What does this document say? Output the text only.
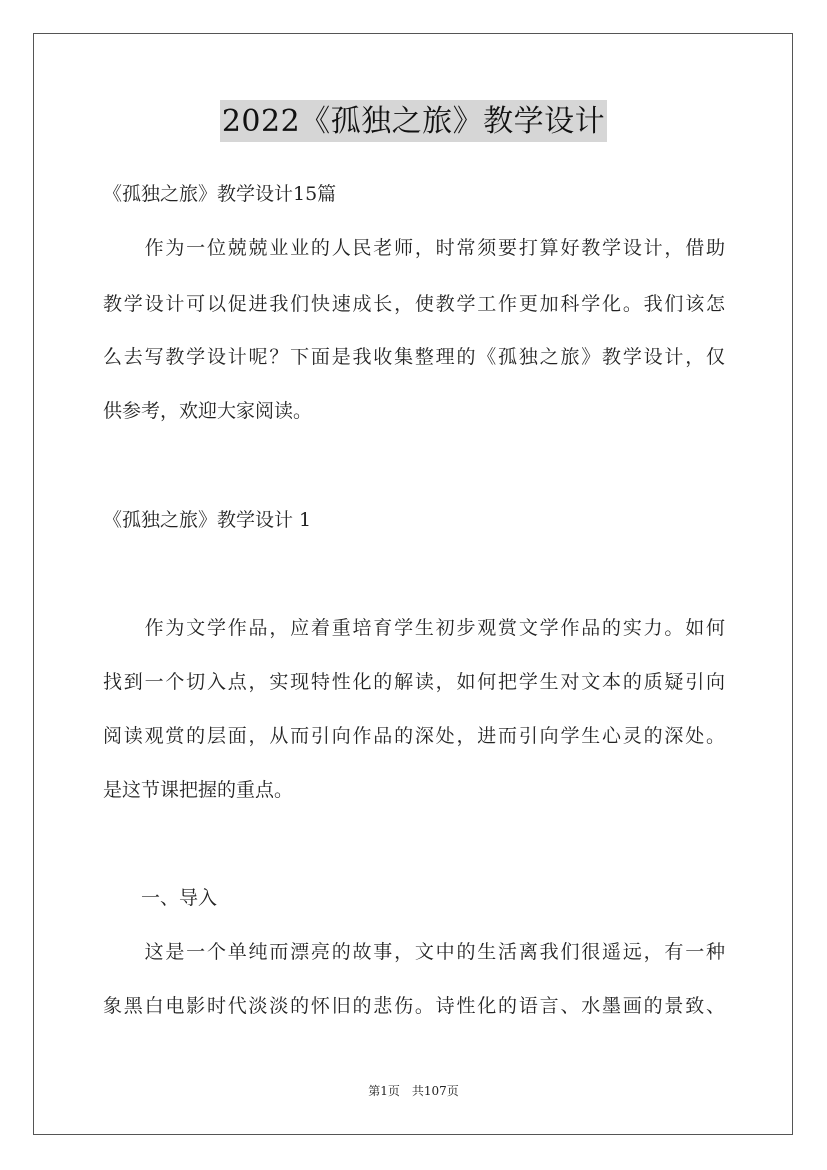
2022《孤独之旅》教学设计
《孤独之旅》教学设计15篇
　　作为一位兢兢业业的人民老师，时常须要打算好教学设计，借助
教学设计可以促进我们快速成长，使教学工作更加科学化。我们该怎
么去写教学设计呢？下面是我收集整理的《孤独之旅》教学设计，仅
供参考，欢迎大家阅读。
《孤独之旅》教学设计 1
　　作为文学作品，应着重培育学生初步观赏文学作品的实力。如何
找到一个切入点，实现特性化的解读，如何把学生对文本的质疑引向
阅读观赏的层面，从而引向作品的深处，进而引向学生心灵的深处。
是这节课把握的重点。
　　一、导入
　　这是一个单纯而漂亮的故事，文中的生活离我们很遥远，有一种
象黑白电影时代淡淡的怀旧的悲伤。诗性化的语言、水墨画的景致、
第1页　共107页
